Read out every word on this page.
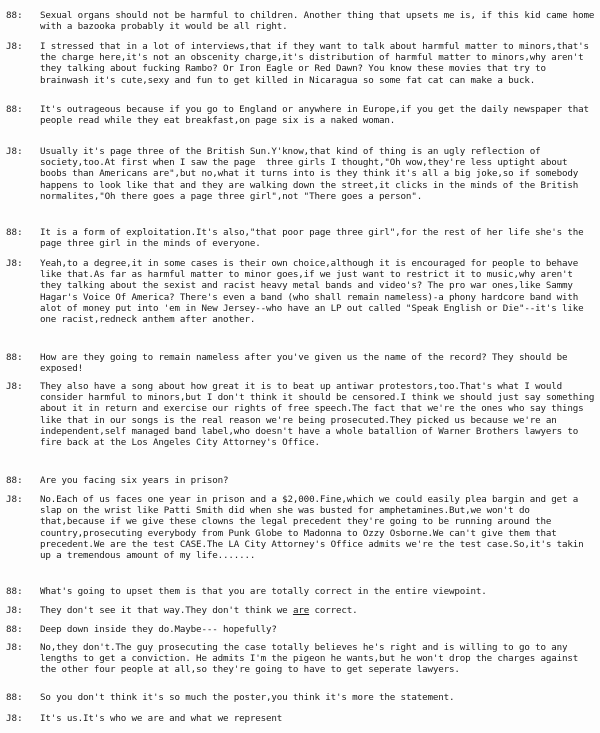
88:	Sexual organs should not be harmful to children. Another thing that upsets me is, if this kid came home with a bazooka probably it would be all right.
J8:	I stressed that in a lot of interviews,that if they want to talk about harmful matter to minors,that's the charge here,it's not an obscenity charge,it's distribution of harmful matter to minors,why aren't they talking about fucking Rambo? Or Iron Eagle or Red Dawn? You know these movies that try to brainwash it's cute,sexy and fun to get killed in Nicaragua so some fat cat can make a buck.
88:	It's outrageous because if you go to England or anywhere in Europe,if you get the daily newspaper that people read while they eat breakfast,on page six is a naked woman.
J8:	Usually it's page three of the British Sun.Y'know,that kind of thing is an ugly reflection of society,too.At first when I saw the page  three girls I thought,"Oh wow,they're less uptight about boobs than Americans are",but no,what it turns into is they think it's all a big joke,so if somebody happens to look like that and they are walking down the street,it clicks in the minds of the British normalites,"Oh there goes a page three girl",not "There goes a person".
88:	It is a form of exploitation.It's also,"that poor page three girl",for the rest of her life she's the page three girl in the minds of everyone.
J8:	Yeah,to a degree,it in some cases is their own choice,although it is encouraged for people to behave like that.As far as harmful matter to minor goes,if we just want to restrict it to music,why aren't they talking about the sexist and racist heavy metal bands and video's? The pro war ones,like Sammy Hagar's Voice Of America? There's even a band (who shall remain nameless)-a phony hardcore band with alot of money put into 'em in New Jersey--who have an LP out called "Speak English or Die"--it's like one racist,redneck anthem after another.
88:	How are they going to remain nameless after you've given us the name of the record? They should be exposed!
J8:	They also have a song about how great it is to beat up antiwar protestors,too.That's what I would consider harmful to minors,but I don't think it should be censored.I think we should just say something about it in return and exercise our rights of free speech.The fact that we're the ones who say things like that in our songs is the real reason we're being prosecuted.They picked us because we're an independent,self managed band label,who doesn't have a whole batallion of Warner Brothers lawyers to fire back at the Los Angeles City Attorney's Office.
88:	Are you facing six years in prison?
J8:	No.Each of us faces one year in prison and a $2,000.Fine,which we could easily plea bargin and get a slap on the wrist like Patti Smith did when she was busted for amphetamines.But,we won't do that,because if we give these clowns the legal precedent they're going to be running around the country,prosecuting everybody from Punk Globe to Madonna to Ozzy Osborne.We can't give them that precedent.We are the test CASE.The LA City Attorney's Office admits we're the test case.So,it's takin up a tremendous amount of my life.......
88:	What's going to upset them is that you are totally correct in the entire viewpoint.
J8:	They don't see it that way.They don't think we are correct.
88:	Deep down inside they do.Maybe--- hopefully?
J8:	No,they don't.The guy prosecuting the case totally believes he's right and is willing to go to any lengths to get a conviction. He admits I'm the pigeon he wants,but he won't drop the charges against the other four people at all,so they're going to have to get seperate lawyers.
88:	So you don't think it's so much the poster,you think it's more the statement.
J8:	It's us.It's who we are and what we represent
